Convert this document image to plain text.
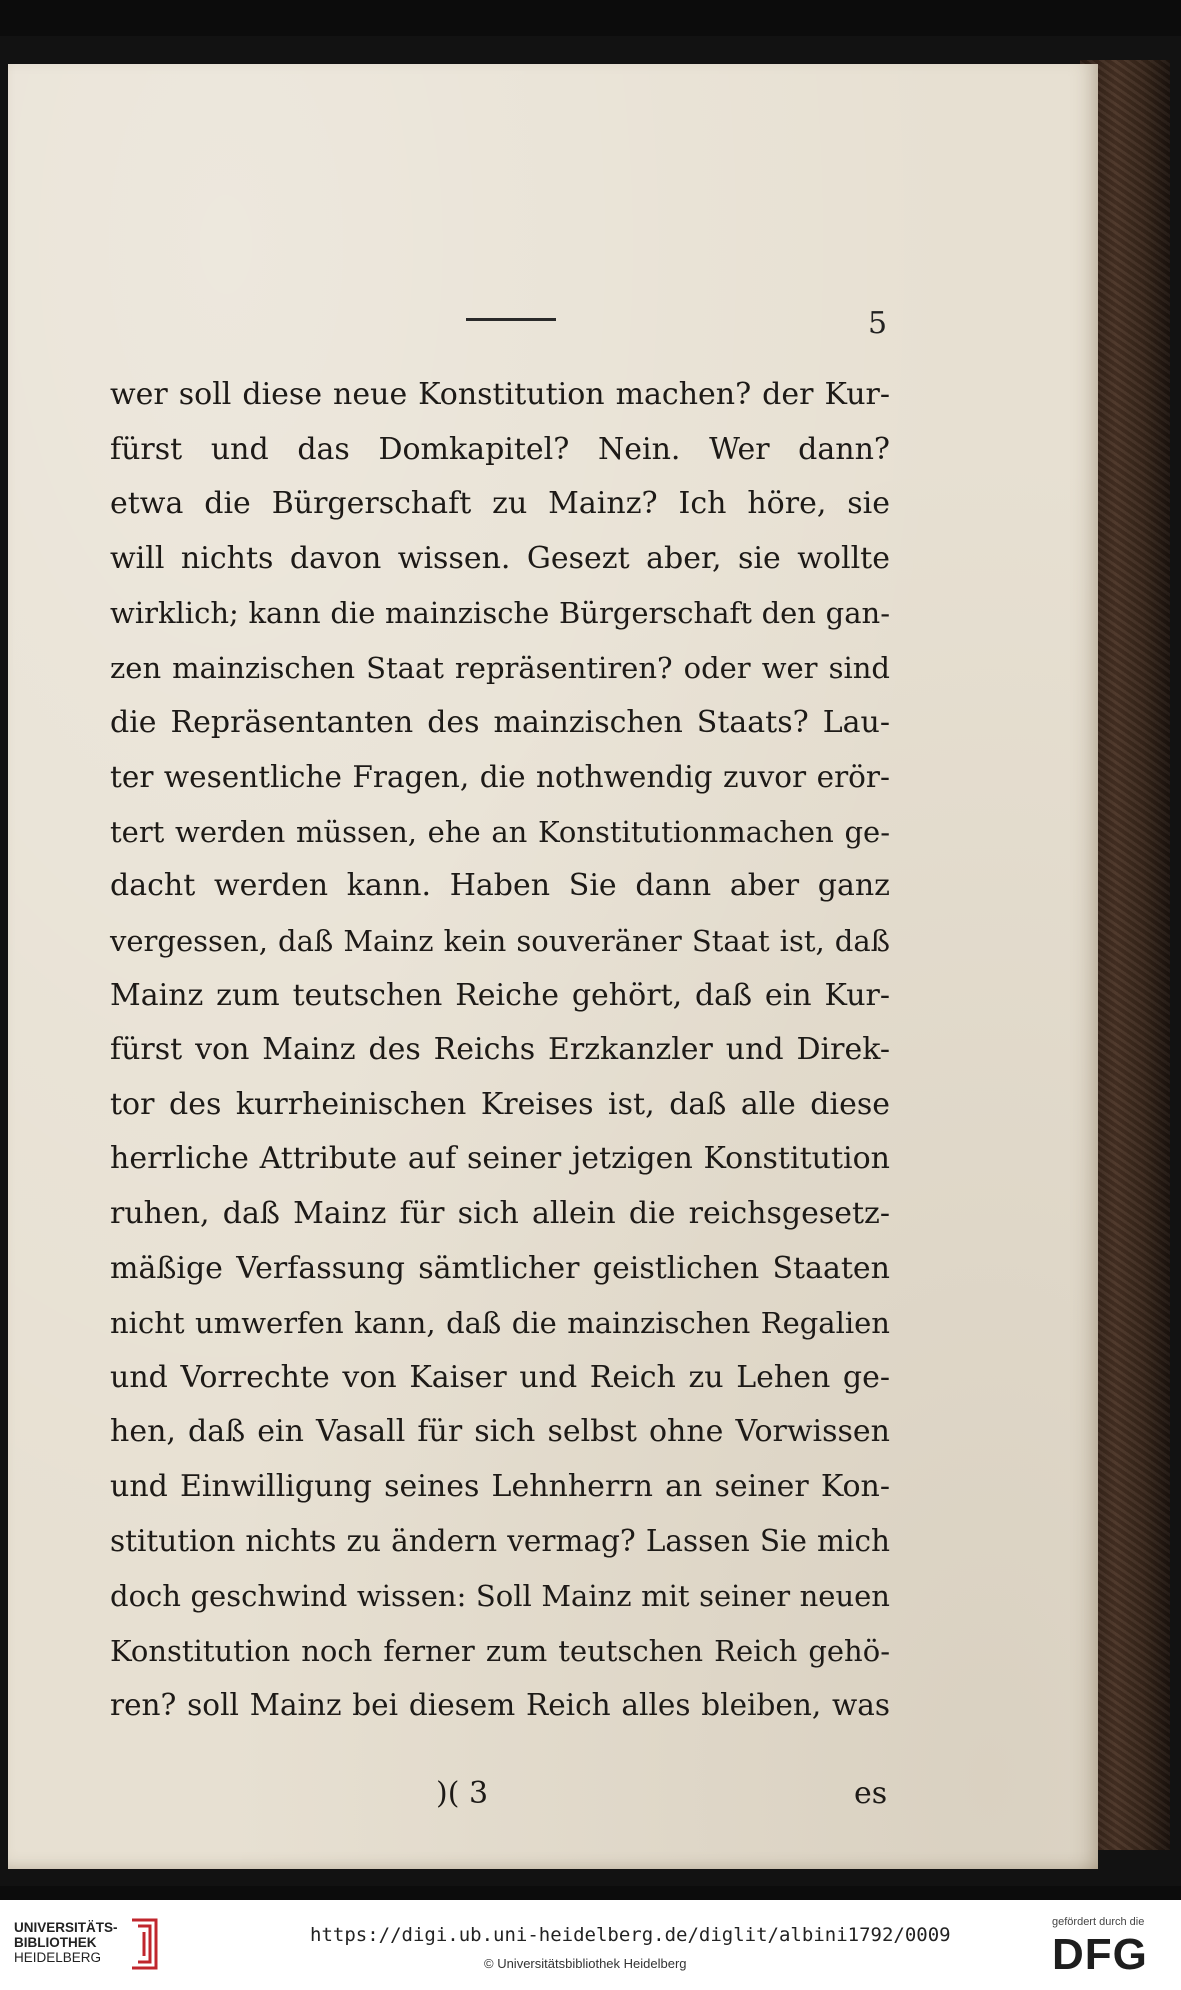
5
wer soll diese neue Konstitution machen? der Kur-
fürst und das Domkapitel? Nein. Wer dann?
etwa die Bürgerschaft zu Mainz? Ich höre, sie
will nichts davon wissen. Gesezt aber, sie wollte
wirklich; kann die mainzische Bürgerschaft den gan-
zen mainzischen Staat repräsentiren? oder wer sind
die Repräsentanten des mainzischen Staats? Lau-
ter wesentliche Fragen, die nothwendig zuvor erör-
tert werden müssen, ehe an Konstitutionmachen ge-
dacht werden kann. Haben Sie dann aber ganz
vergessen, daß Mainz kein souveräner Staat ist, daß
Mainz zum teutschen Reiche gehört, daß ein Kur-
fürst von Mainz des Reichs Erzkanzler und Direk-
tor des kurrheinischen Kreises ist, daß alle diese
herrliche Attribute auf seiner jetzigen Konstitution
ruhen, daß Mainz für sich allein die reichsgesetz-
mäßige Verfassung sämtlicher geistlichen Staaten
nicht umwerfen kann, daß die mainzischen Regalien
und Vorrechte von Kaiser und Reich zu Lehen ge-
hen, daß ein Vasall für sich selbst ohne Vorwissen
und Einwilligung seines Lehnherrn an seiner Kon-
stitution nichts zu ändern vermag? Lassen Sie mich
doch geschwind wissen: Soll Mainz mit seiner neuen
Konstitution noch ferner zum teutschen Reich gehö-
ren? soll Mainz bei diesem Reich alles bleiben, was
)( 3	es
UNIVERSITÄTS-
BIBLIOTHEK
HEIDELBERG
https://digi.ub.uni-heidelberg.de/diglit/albini1792/0009
© Universitätsbibliothek Heidelberg
gefördert durch die
DFG
